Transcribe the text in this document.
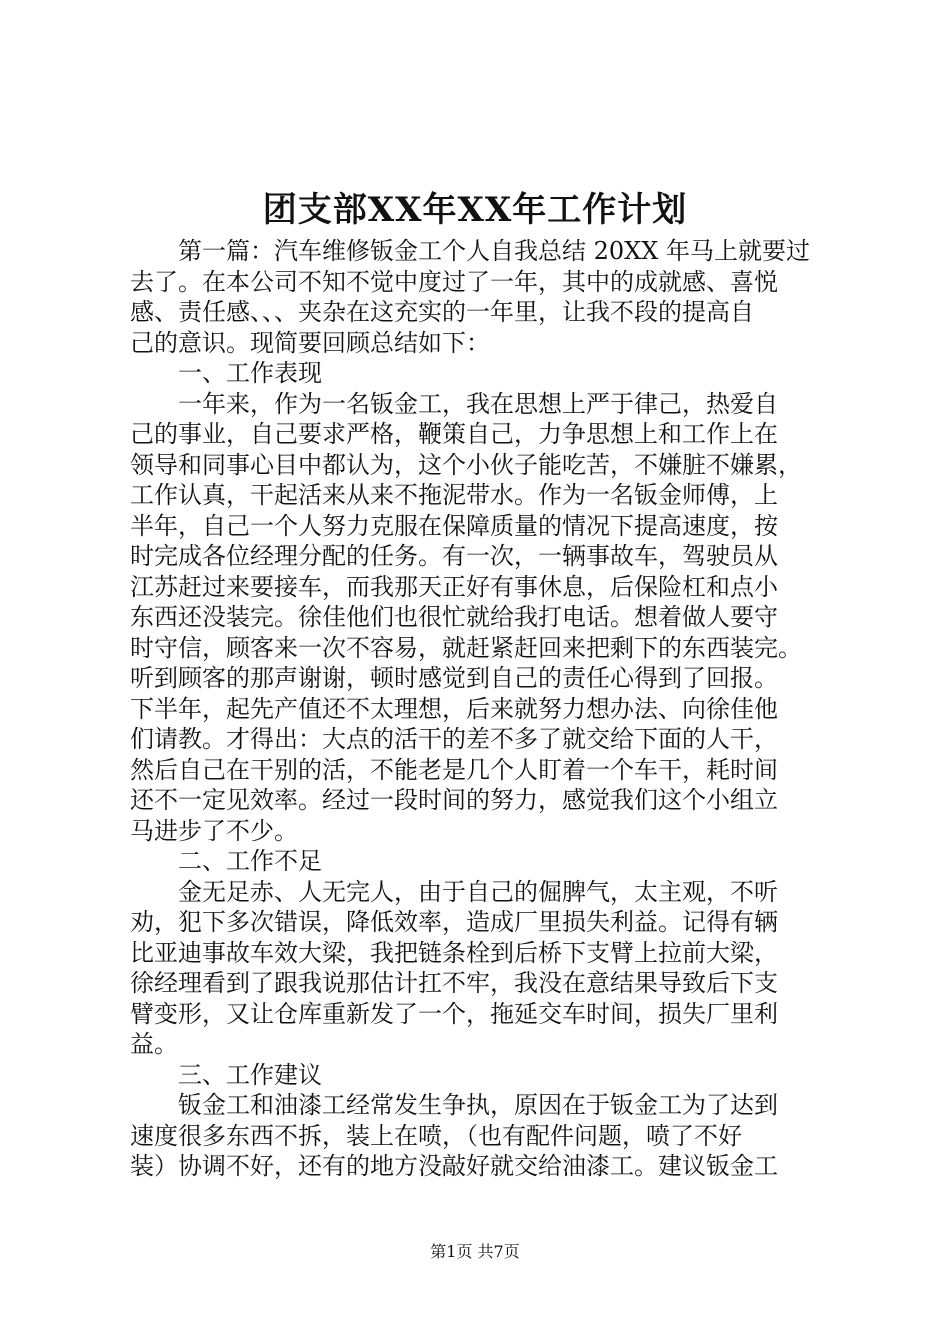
团支部XX年XX年工作计划
　　第一篇：汽车维修钣金工个人自我总结 20XX 年马上就要过
去了。在本公司不知不觉中度过了一年，其中的成就感、喜悦
感、责任感、、、夹杂在这充实的一年里，让我不段的提高自
己的意识。现简要回顾总结如下：
　　一、工作表现
　　一年来，作为一名钣金工，我在思想上严于律己，热爱自
己的事业，自己要求严格，鞭策自己，力争思想上和工作上在
领导和同事心目中都认为，这个小伙子能吃苦，不嫌脏不嫌累，
工作认真，干起活来从来不拖泥带水。作为一名钣金师傅，上
半年，自己一个人努力克服在保障质量的情况下提高速度，按
时完成各位经理分配的任务。有一次，一辆事故车，驾驶员从
江苏赶过来要接车，而我那天正好有事休息，后保险杠和点小
东西还没装完。徐佳他们也很忙就给我打电话。想着做人要守
时守信，顾客来一次不容易，就赶紧赶回来把剩下的东西装完。
听到顾客的那声谢谢，顿时感觉到自己的责任心得到了回报。
下半年，起先产值还不太理想，后来就努力想办法、向徐佳他
们请教。才得出：大点的活干的差不多了就交给下面的人干，
然后自己在干别的活，不能老是几个人盯着一个车干，耗时间
还不一定见效率。经过一段时间的努力，感觉我们这个小组立
马进步了不少。
　　二、工作不足
　　金无足赤、人无完人，由于自己的倔脾气，太主观，不听
劝，犯下多次错误，降低效率，造成厂里损失利益。记得有辆
比亚迪事故车效大梁，我把链条栓到后桥下支臂上拉前大梁，
徐经理看到了跟我说那估计扛不牢，我没在意结果导致后下支
臂变形，又让仓库重新发了一个，拖延交车时间，损失厂里利
益。
　　三、工作建议
　　钣金工和油漆工经常发生争执，原因在于钣金工为了达到
速度很多东西不拆，装上在喷，（也有配件问题，喷了不好
装）协调不好，还有的地方没敲好就交给油漆工。建议钣金工
第1页 共7页
